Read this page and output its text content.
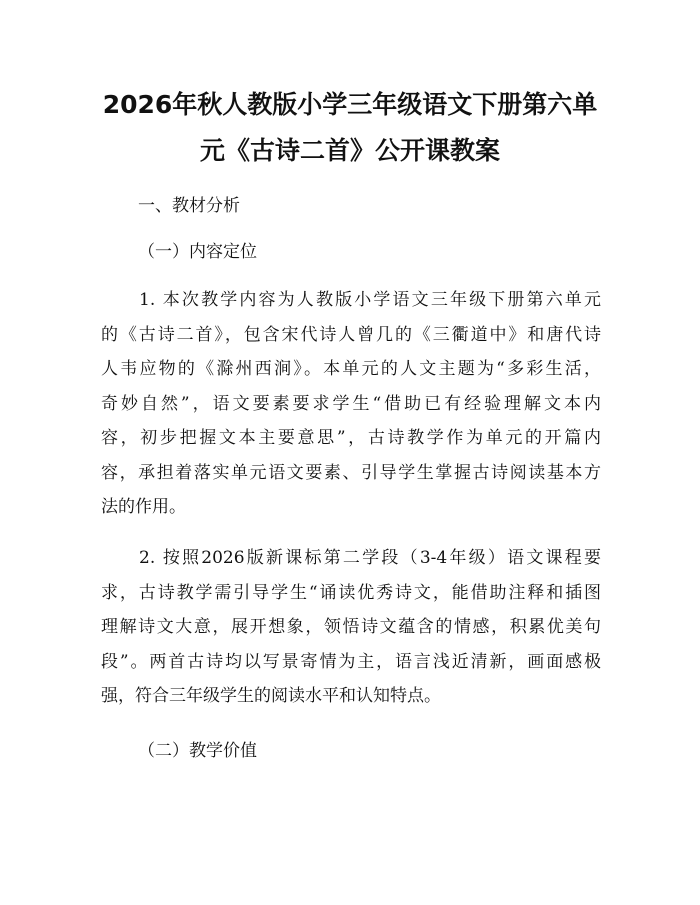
2026年秋人教版小学三年级语文下册第六单
元《古诗二首》公开课教案
一、教材分析
（一）内容定位
1. 本次教学内容为人教版小学语文三年级下册第六单元
的《古诗二首》，包含宋代诗人曾几的《三衢道中》和唐代诗
人韦应物的《滁州西涧》。本单元的人文主题为“多彩生活，
奇妙自然”，语文要素要求学生“借助已有经验理解文本内
容，初步把握文本主要意思”，古诗教学作为单元的开篇内
容，承担着落实单元语文要素、引导学生掌握古诗阅读基本方
法的作用。
2. 按照2026版新课标第二学段（3-4年级）语文课程要
求，古诗教学需引导学生“诵读优秀诗文，能借助注释和插图
理解诗文大意，展开想象，领悟诗文蕴含的情感，积累优美句
段”。两首古诗均以写景寄情为主，语言浅近清新，画面感极
强，符合三年级学生的阅读水平和认知特点。
（二）教学价值
